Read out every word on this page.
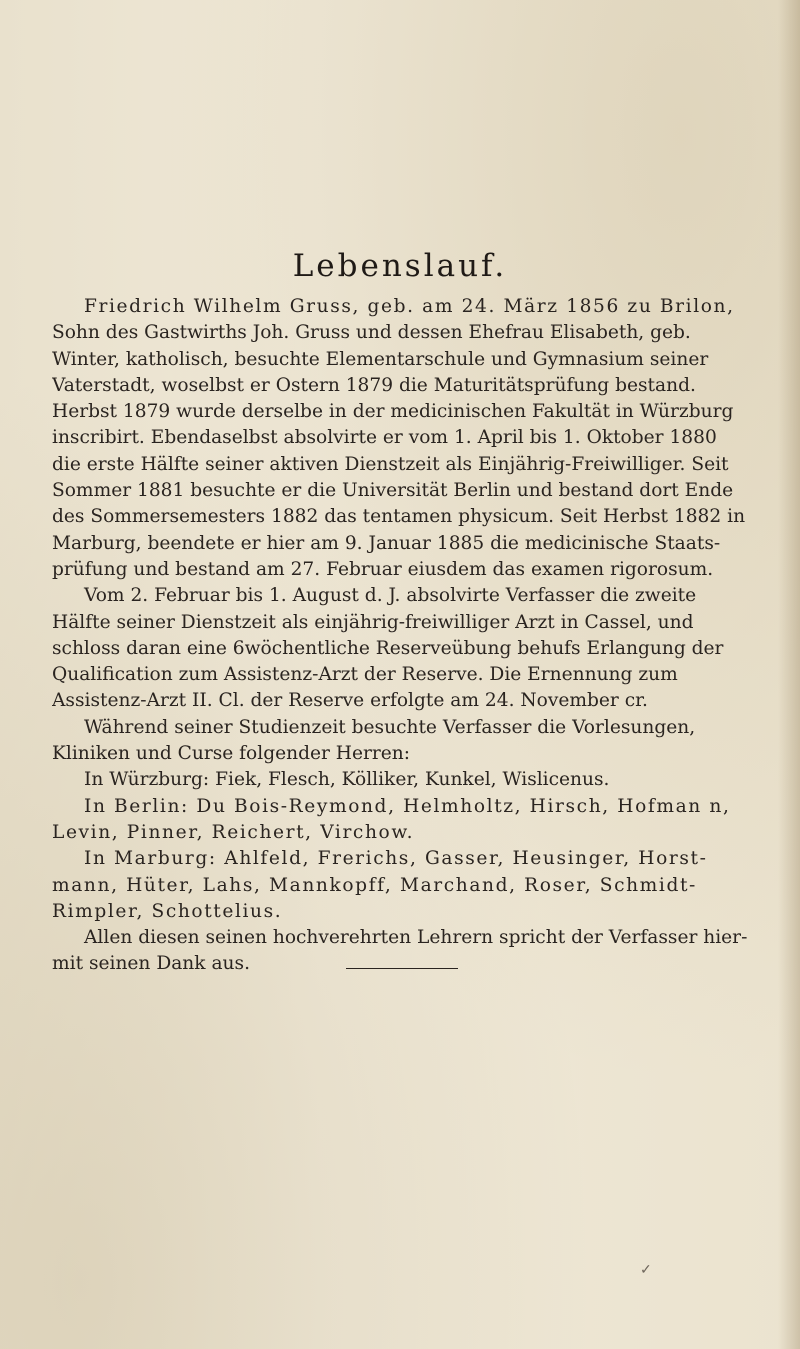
Lebenslauf.
Friedrich Wilhelm Gruss, geb. am 24. März 1856 zu Brilon,
Sohn des Gastwirths Joh. Gruss und dessen Ehefrau Elisabeth, geb.
Winter, katholisch, besuchte Elementarschule und Gymnasium seiner
Vaterstadt, woselbst er Ostern 1879 die Maturitätsprüfung bestand.
Herbst 1879 wurde derselbe in der medicinischen Fakultät in Würzburg
inscribirt. Ebendaselbst absolvirte er vom 1. April bis 1. Oktober 1880
die erste Hälfte seiner aktiven Dienstzeit als Einjährig-Freiwilliger. Seit
Sommer 1881 besuchte er die Universität Berlin und bestand dort Ende
des Sommersemesters 1882 das tentamen physicum. Seit Herbst 1882 in
Marburg, beendete er hier am 9. Januar 1885 die medicinische Staats-
prüfung und bestand am 27. Februar eiusdem das examen rigorosum.
Vom 2. Februar bis 1. August d. J. absolvirte Verfasser die zweite
Hälfte seiner Dienstzeit als einjährig-freiwilliger Arzt in Cassel, und
schloss daran eine 6wöchentliche Reserveübung behufs Erlangung der
Qualification zum Assistenz-Arzt der Reserve. Die Ernennung zum
Assistenz-Arzt II. Cl. der Reserve erfolgte am 24. November cr.
Während seiner Studienzeit besuchte Verfasser die Vorlesungen,
Kliniken und Curse folgender Herren:
In Würzburg: Fiek, Flesch, Kölliker, Kunkel, Wislicenus.
In Berlin: Du Bois-Reymond, Helmholtz, Hirsch, Hofman n,
Levin, Pinner, Reichert, Virchow.
In Marburg: Ahlfeld, Frerichs, Gasser, Heusinger, Horst-
mann, Hüter, Lahs, Mannkopff, Marchand, Roser, Schmidt-
Rimpler, Schottelius.
Allen diesen seinen hochverehrten Lehrern spricht der Verfasser hier-
mit seinen Dank aus.
✓
